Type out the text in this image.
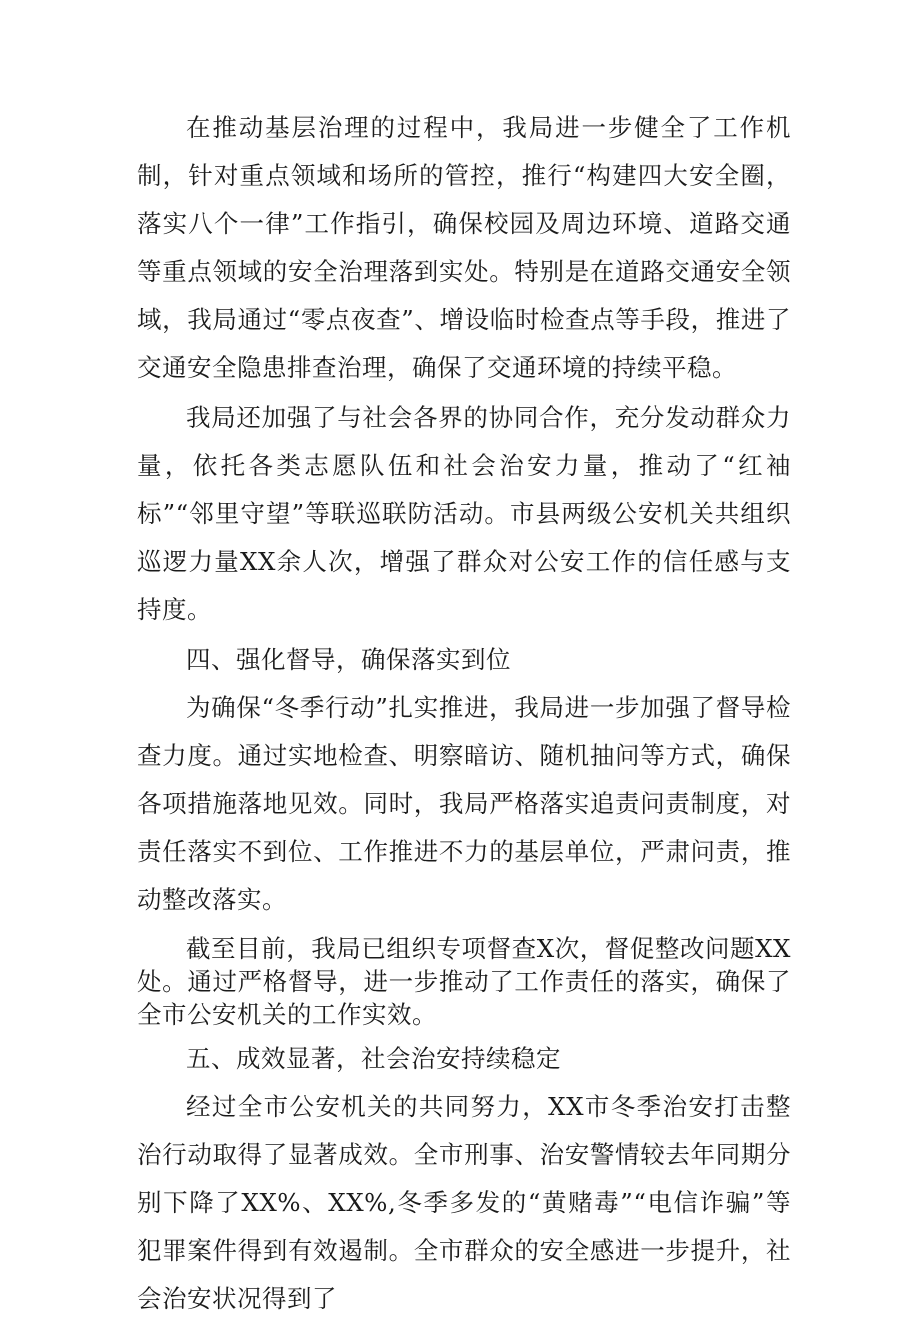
在推动基层治理的过程中，我局进一步健全了工作机制，针对重点领域和场所的管控，推行“构建四大安全圈，落实八个一律”工作指引，确保校园及周边环境、道路交通等重点领域的安全治理落到实处。特别是在道路交通安全领域，我局通过“零点夜查”、增设临时检查点等手段，推进了交通安全隐患排查治理，确保了交通环境的持续平稳。

我局还加强了与社会各界的协同合作，充分发动群众力量，依托各类志愿队伍和社会治安力量，推动了“红袖标”“邻里守望”等联巡联防活动。市县两级公安机关共组织巡逻力量XX余人次，增强了群众对公安工作的信任感与支持度。

四、强化督导，确保落实到位

为确保“冬季行动”扎实推进，我局进一步加强了督导检查力度。通过实地检查、明察暗访、随机抽问等方式，确保各项措施落地见效。同时，我局严格落实追责问责制度，对责任落实不到位、工作推进不力的基层单位，严肃问责，推动整改落实。

截至目前，我局已组织专项督查X次，督促整改问题XX处。通过严格督导，进一步推动了工作责任的落实，确保了全市公安机关的工作实效。

五、成效显著，社会治安持续稳定

经过全市公安机关的共同努力，XX市冬季治安打击整治行动取得了显著成效。全市刑事、治安警情较去年同期分别下降了XX%、XX%,冬季多发的“黄赌毒”“电信诈骗”等犯罪案件得到有效遏制。全市群众的安全感进一步提升，社会治安状况得到了
